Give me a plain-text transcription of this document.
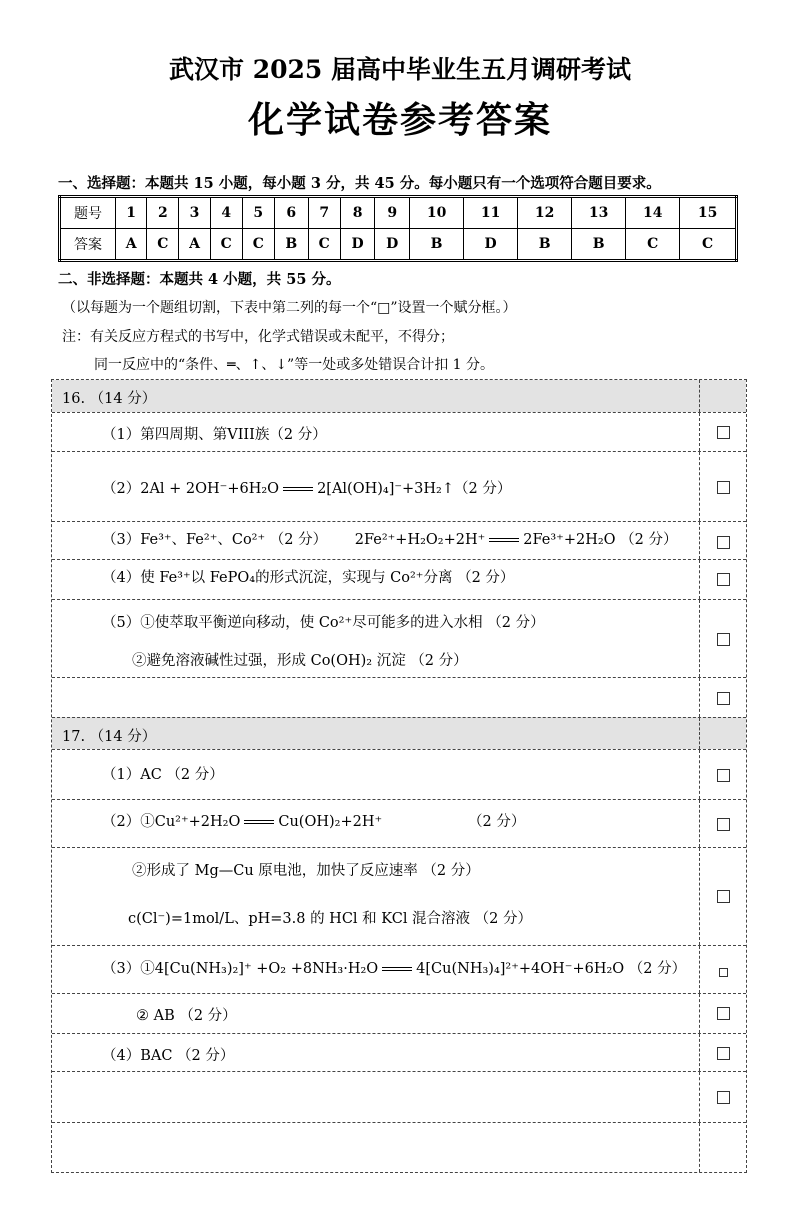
武汉市 2025 届高中毕业生五月调研考试
化学试卷参考答案
一、选择题：本题共 15 小题，每小题 3 分，共 45 分。每小题只有一个选项符合题目要求。
题号	1	2	3	4	5	6	7	8	9	10	11	12	13	14	15
答案	A	C	A	C	C	B	C	D	D	B	D	B	B	C	C
二、非选择题：本题共 4 小题，共 55 分。
（以每题为一个题组切割，下表中第二列的每一个“□”设置一个赋分框。）
注：有关反应方程式的书写中，化学式错误或未配平，不得分；
同一反应中的“条件、═、↑、↓”等一处或多处错误合计扣 1 分。
16. （14 分）
（1）第四周期、第VIII族（2 分）
（2）2Al + 2OH⁻+6H₂O	2[Al(OH)₄]⁻+3H₂↑（2 分）
（3）Fe³⁺、Fe²⁺、Co²⁺ （2 分） 2Fe²⁺+H₂O₂+2H⁺	2Fe³⁺+2H₂O （2 分）
（4）使 Fe³⁺以 FePO₄的形式沉淀，实现与 Co²⁺分离 （2 分）
（5）①使萃取平衡逆向移动，使 Co²⁺尽可能多的进入水相 （2 分）
②避免溶液碱性过强，形成 Co(OH)₂ 沉淀 （2 分）
17. （14 分）
（1）AC （2 分）
（2）①Cu²⁺+2H₂O	Cu(OH)₂+2H⁺	（2 分）
②形成了 Mg—Cu 原电池，加快了反应速率 （2 分）
c(Cl⁻)=1mol/L、pH=3.8 的 HCl 和 KCl 混合溶液 （2 分）
（3）①4[Cu(NH₃)₂]⁺ +O₂ +8NH₃·H₂O	4[Cu(NH₃)₄]²⁺+4OH⁻+6H₂O （2 分）
② AB （2 分）
（4）BAC （2 分）
